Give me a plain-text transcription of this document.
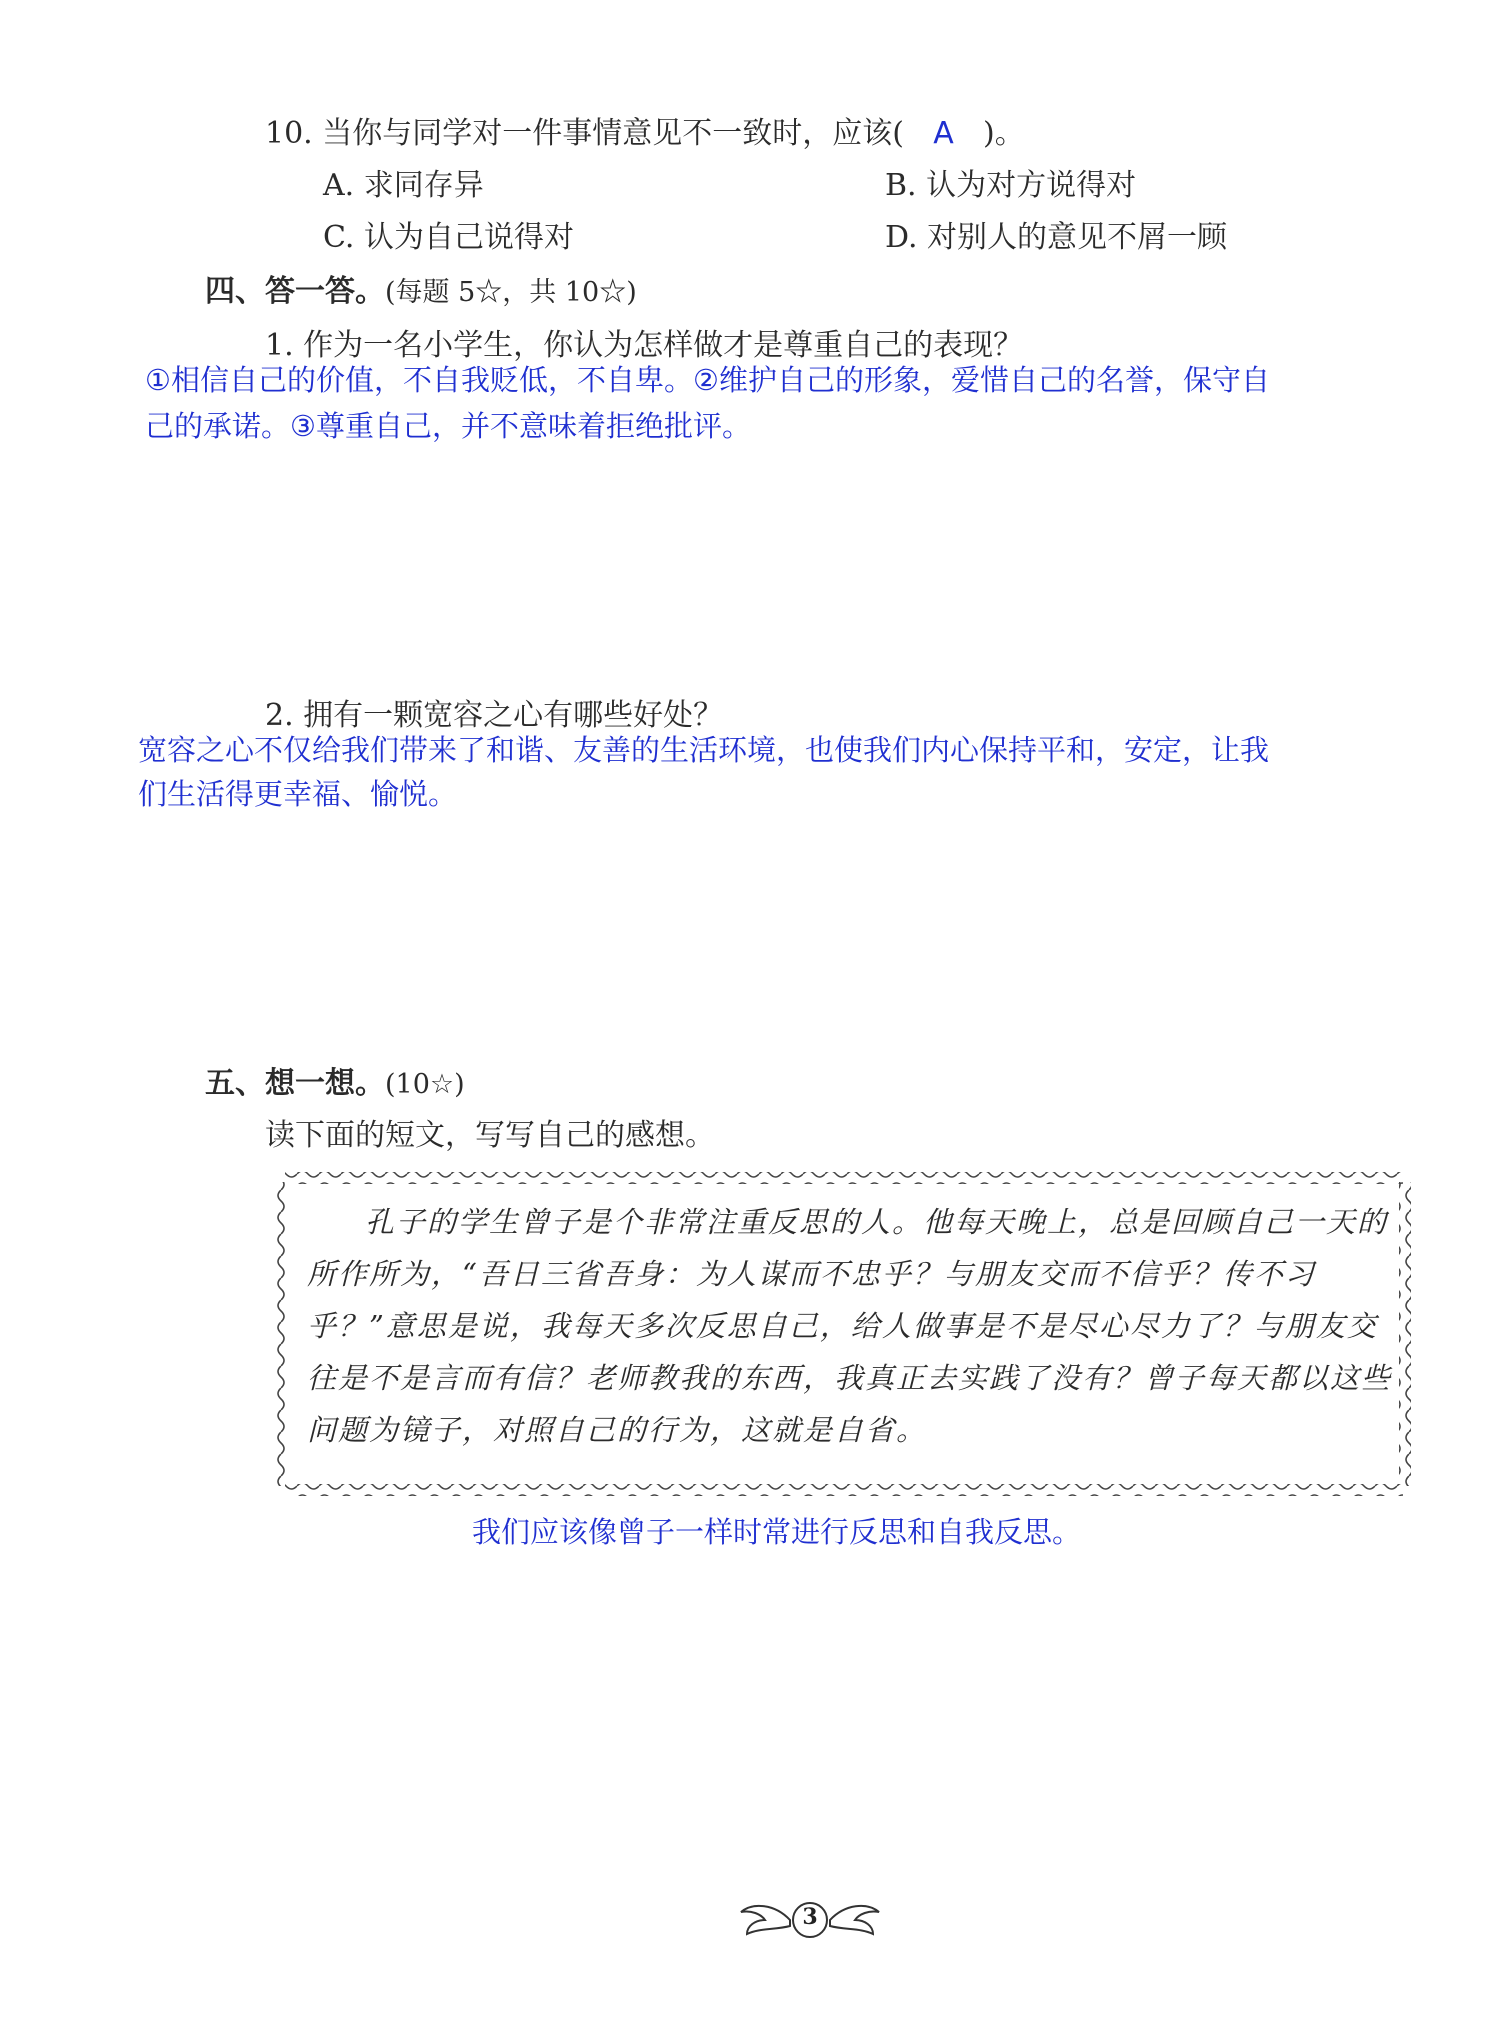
10. 当你与同学对一件事情意见不一致时，应该( A )。
A. 求同存异	B. 认为对方说得对
C. 认为自己说得对	D. 对别人的意见不屑一顾
四、答一答。(每题 5☆，共 10☆)
1. 作为一名小学生，你认为怎样做才是尊重自己的表现？
①相信自己的价值，不自我贬低，不自卑。②维护自己的形象，爱惜自己的名誉，保守自
己的承诺。③尊重自己，并不意味着拒绝批评。
2. 拥有一颗宽容之心有哪些好处？
宽容之心不仅给我们带来了和谐、友善的生活环境，也使我们内心保持平和，安定，让我
们生活得更幸福、愉悦。
五、想一想。(10☆)
读下面的短文，写写自己的感想。

孔子的学生曾子是个非常注重反思的人。他每天晚上，总是回顾自己一天的所作所为，“吾日三省吾身：为人谋而不忠乎？与朋友交而不信乎？传不习乎？”意思是说，我每天多次反思自己，给人做事是不是尽心尽力了？与朋友交往是不是言而有信？老师教我的东西，我真正去实践了没有？曾子每天都以这些问题为镜子，对照自己的行为，这就是自省。

我们应该像曾子一样时常进行反思和自我反思。
3
